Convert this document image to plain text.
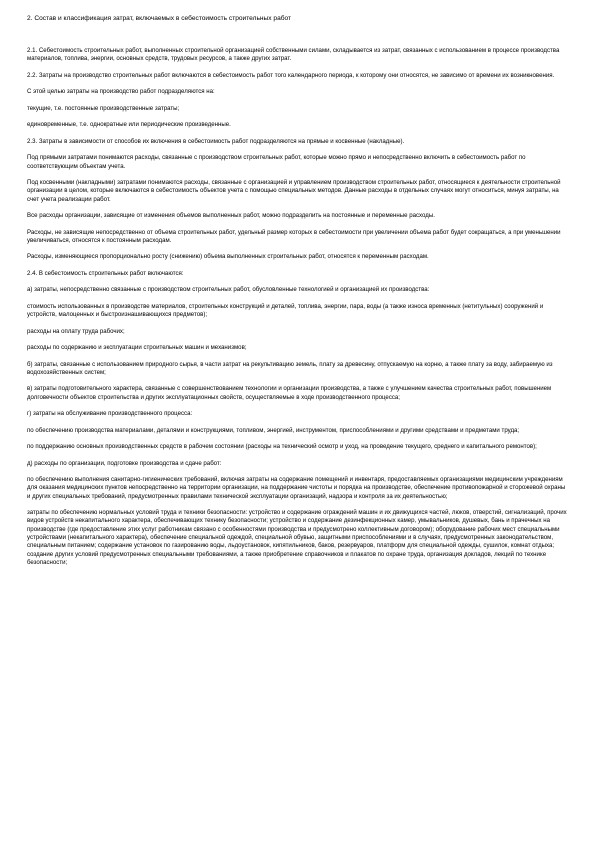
2. Состав и классификация затрат, включаемых в себестоимость строительных работ
2.1. Себестоимость строительных работ, выполненных строительной организацией собственными силами, складывается из затрат, связанных с использованием в процессе производства материалов, топлива, энергии, основных средств, трудовых ресурсов, а также других затрат.
2.2. Затраты на производство строительных работ включаются в себестоимость работ того календарного периода, к которому они относятся, не зависимо от времени их возникновения.
С этой целью затраты на производство работ подразделяются на:
текущие, т.е. постоянные производственные затраты;
единовременные, т.е. однократные или периодические произведенные.
2.3. Затраты в зависимости от способов их включения в себестоимость работ подразделяются на прямые и косвенные (накладные).
Под прямыми затратами понимаются расходы, связанные с производством строительных работ, которые можно прямо и непосредственно включить в себестоимость работ по соответствующим объектам учета.
Под косвенными (накладными) затратами понимаются расходы, связанные с организацией и управлением производством строительных работ, относящиеся к деятельности строительной организации в целом, которые включаются в себестоимость объектов учета с помощью специальных методов. Данные расходы в отдельных случаях могут относиться, минуя затраты, на счет учета реализации работ.
Все расходы организации, зависящие от изменения объемов выполненных работ, можно подразделить на постоянные и переменные расходы.
Расходы, не зависящие непосредственно от объема строительных работ, удельный размер которых в себестоимости при увеличении объема работ будет сокращаться, а при уменьшении увеличиваться, относятся к постоянным расходам.
Расходы, изменяющиеся пропорционально росту (снижению) объема выполненных строительных работ, относятся к переменным расходам.
2.4. В себестоимость строительных работ включаются:
а) затраты, непосредственно связанные с производством строительных работ, обусловленные технологией и организацией их производства:
стоимость использованных в производстве материалов, строительных конструкций и деталей, топлива, энергии, пара, воды (а также износа временных (нетитульных) сооружений и устройств, малоценных и быстроизнашивающихся предметов);
расходы на оплату труда рабочих;
расходы по содержанию и эксплуатации строительных машин и механизмов;
б) затраты, связанные с использованием природного сырья, в части затрат на рекультивацию земель, плату за древесину, отпускаемую на корню, а также плату за воду, забираемую из водохозяйственных систем;
в) затраты подготовительного характера, связанные с совершенствованием технологии и организации производства, а также с улучшением качества строительных работ, повышением долговечности объектов строительства и других эксплуатационных свойств, осуществляемые в ходе производственного процесса;
г) затраты на обслуживание производственного процесса:
по обеспечению производства материалами, деталями и конструкциями, топливом, энергией, инструментом, приспособлениями и другими средствами и предметами труда;
по поддержанию основных производственных средств в рабочем состоянии (расходы на технический осмотр и уход, на проведение текущего, среднего и капитального ремонтов);
д) расходы по организации, подготовке производства и сдаче работ:
по обеспечению выполнения санитарно-гигиенических требований, включая затраты на содержание помещений и инвентаря, предоставляемых организациями медицинским учреждениям для оказания медицинских пунктов непосредственно на территории организации, на поддержание чистоты и порядка на производстве, обеспечение противопожарной и сторожевой охраны и других специальных требований, предусмотренных правилами технической эксплуатации организаций, надзора и контроля за их деятельностью;
затраты по обеспечению нормальных условий труда и техники безопасности: устройство и содержание ограждений машин и их движущихся частей, люков, отверстий, сигнализаций, прочих видов устройств некапитального характера, обеспечивающих технику безопасности; устройство и содержание дезинфекционных камер, умывальников, душевых, бань и прачечных на производстве (где предоставление этих услуг работникам связано с особенностями производства и предусмотрено коллективным договором); оборудование рабочих мест специальными устройствами (некапитального характера), обеспечение специальной одеждой, специальной обувью, защитными приспособлениями и в случаях, предусмотренных законодательством, специальным питанием; содержание установок по газированию воды, льдоустановок, кипятильников, баков, резервуаров, платформ для специальной одежды, сушилок, комнат отдыха; создание других условий предусмотренных специальными требованиями, а также приобретение справочников и плакатов по охране труда, организация докладов, лекций по технике безопасности;
